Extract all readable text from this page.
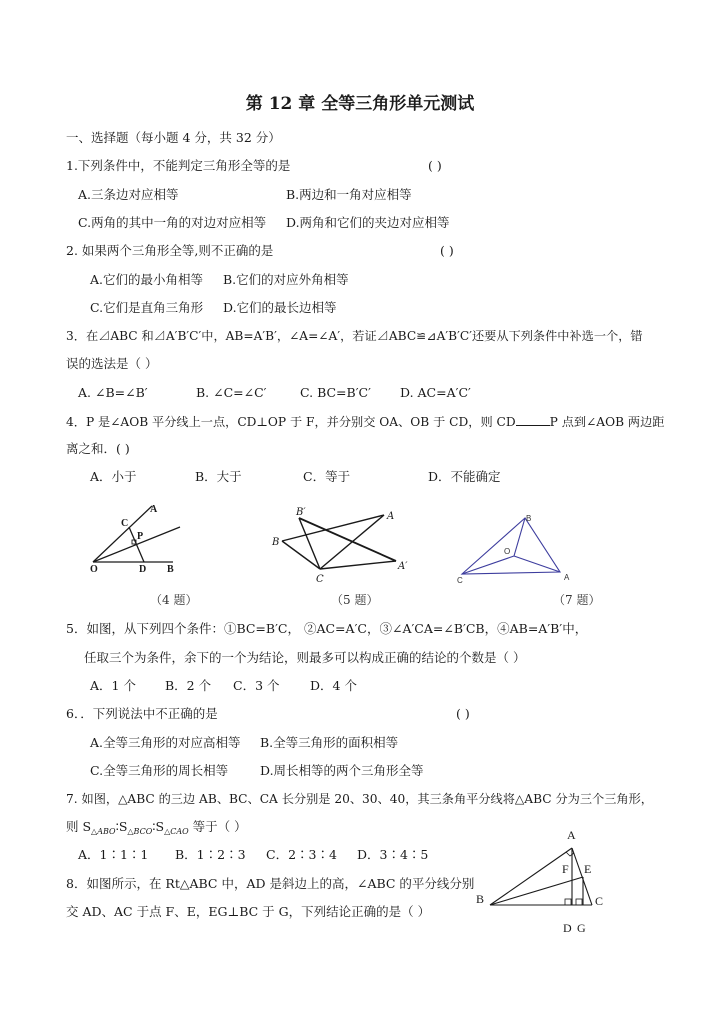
第 12 章 全等三角形单元测试
一、选择题（每小题 4 分，共 32 分）
1.下列条件中，不能判定三角形全等的是	( )
A.三条边对应相等	B.两边和一角对应相等
C.两角的其中一角的对边对应相等 D.两角和它们的夹边对应相等
2. 如果两个三角形全等,则不正确的是	( )
A.它们的最小角相等 B.它们的对应外角相等
C.它们是直角三角形 D.它们的最长边相等
3．在⊿ABC 和⊿A′B′C′中，AB=A′B′，∠A=∠A′，若证⊿ABC≌⊿A′B′C′还要从下列条件中补选一个，错
误的选法是（ ）
A. ∠B=∠B′	B. ∠C=∠C′	C. BC=B′C′ D. AC=A′C′
4．P 是∠AOB 平分线上一点，CD⊥OP 于 F，并分别交 OA、OB 于 CD，则 CD	P 点到∠AOB 两边距
离之和．( )
A．小于	B．大于	C．等于	D．不能确定
A
C
P
O	D B
B′	A
B
C
A′
B
O
C	A
A
F E
B	C
D G
（4 题）	（5 题）	（7 题）
5．如图，从下列四个条件：①BC=B′C， ②AC=A′C，③∠A′CA=∠B′CB，④AB=A′B′中，
任取三个为条件，余下的一个为结论，则最多可以构成正确的结论的个数是（ ）
A．1 个 B．2 个 C．3 个 D．4 个
6．．下列说法中不正确的是	( )
A.全等三角形的对应高相等 B.全等三角形的面积相等
C.全等三角形的周长相等	D.周长相等的两个三角形全等
7. 如图，△ABC 的三边 AB、BC、CA 长分别是 20、30、40，其三条角平分线将△ABC 分为三个三角形，
则 $S_{\triangle ABO}∶S_{\triangle BCO}∶S_{\triangle CAO}$ 等于（ ）
A．1∶1∶1 B．1∶2∶3 C．2∶3∶4 D．3∶4∶5
8．如图所示，在 Rt△ABC 中，AD 是斜边上的高，∠ABC 的平分线分别
交 AD、AC 于点 F、E，EG⊥BC 于 G，下列结论正确的是（ ）
